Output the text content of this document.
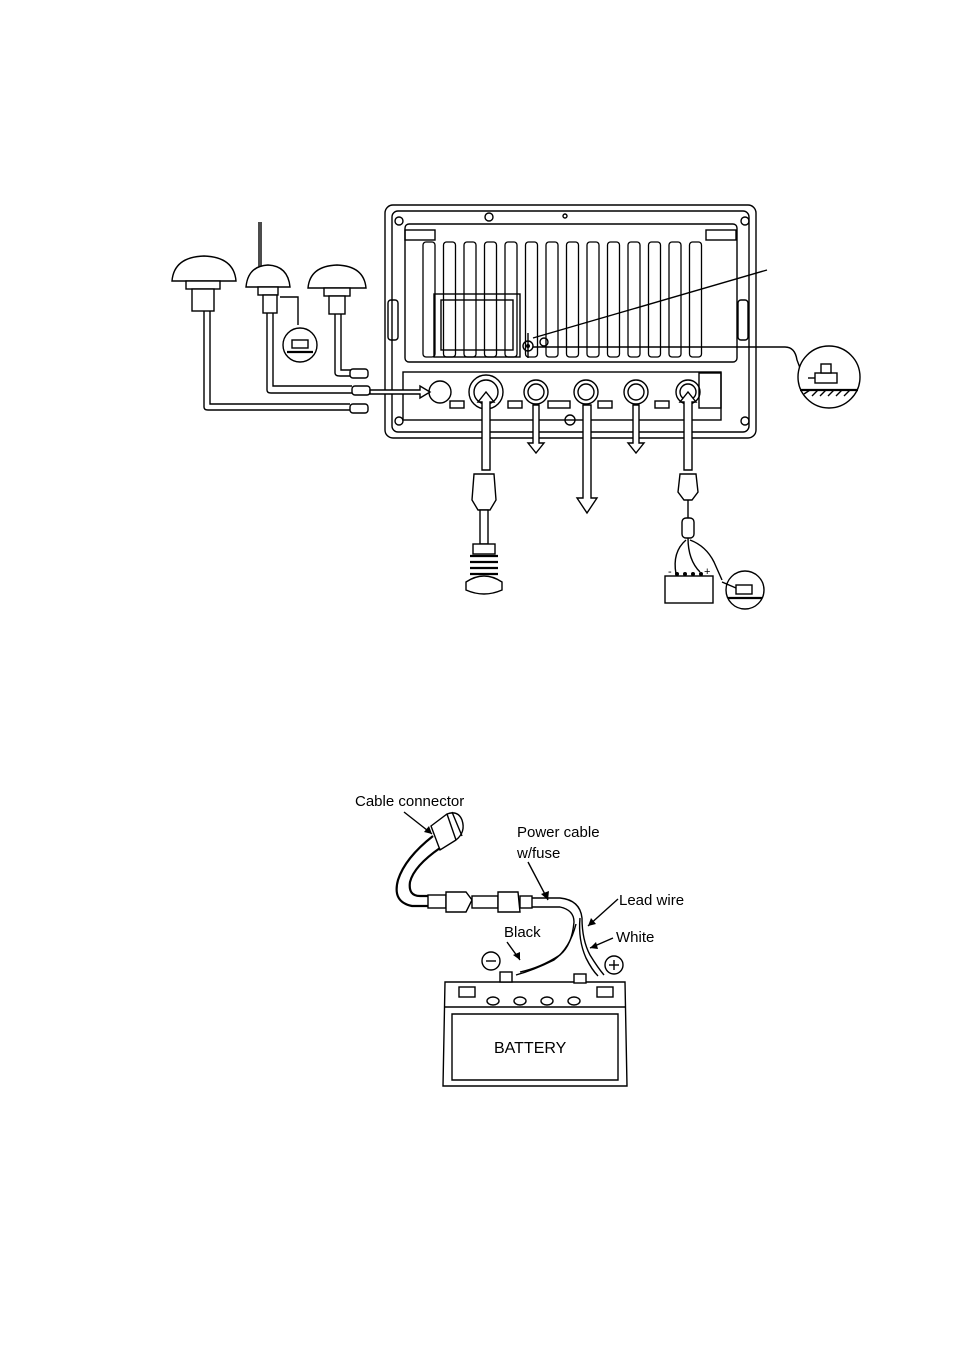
-	+
Cable connector
Power cable
w/fuse
Lead wire
Black	White
BATTERY
